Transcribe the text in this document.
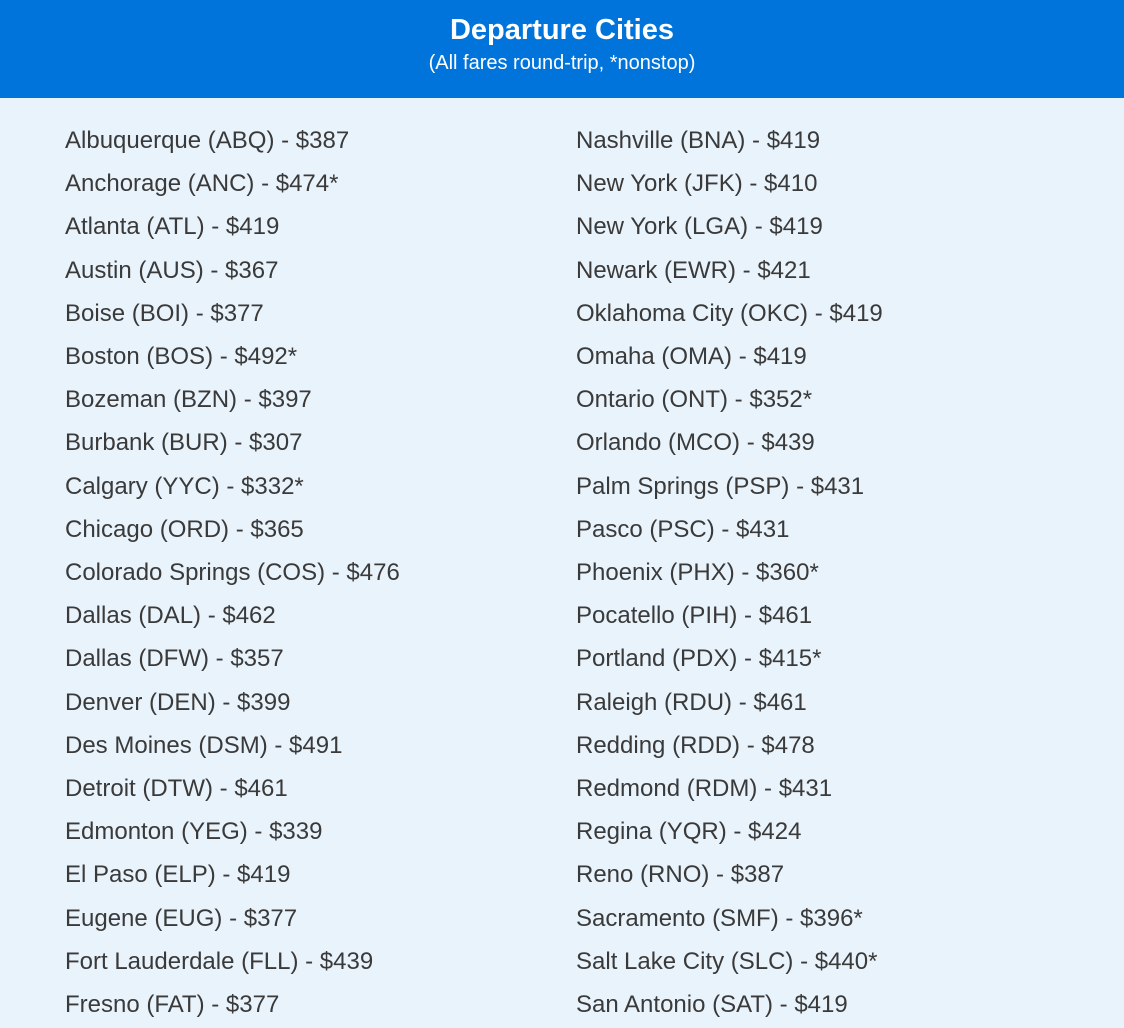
Departure Cities

(All fares round-trip, *nonstop)

Albuquerque (ABQ) - $387
Anchorage (ANC) - $474*
Atlanta (ATL) - $419
Austin (AUS) - $367
Boise (BOI) - $377
Boston (BOS) - $492*
Bozeman (BZN) - $397
Burbank (BUR) - $307
Calgary (YYC) - $332*
Chicago (ORD) - $365
Colorado Springs (COS) - $476
Dallas (DAL) - $462
Dallas (DFW) - $357
Denver (DEN) - $399
Des Moines (DSM) - $491
Detroit (DTW) - $461
Edmonton (YEG) - $339
El Paso (ELP) - $419
Eugene (EUG) - $377
Fort Lauderdale (FLL) - $439
Fresno (FAT) - $377
Nashville (BNA) - $419
New York (JFK) - $410
New York (LGA) - $419
Newark (EWR) - $421
Oklahoma City (OKC) - $419
Omaha (OMA) - $419
Ontario (ONT) - $352*
Orlando (MCO) - $439
Palm Springs (PSP) - $431
Pasco (PSC) - $431
Phoenix (PHX) - $360*
Pocatello (PIH) - $461
Portland (PDX) - $415*
Raleigh (RDU) - $461
Redding (RDD) - $478
Redmond (RDM) - $431
Regina (YQR) - $424
Reno (RNO) - $387
Sacramento (SMF) - $396*
Salt Lake City (SLC) - $440*
San Antonio (SAT) - $419
